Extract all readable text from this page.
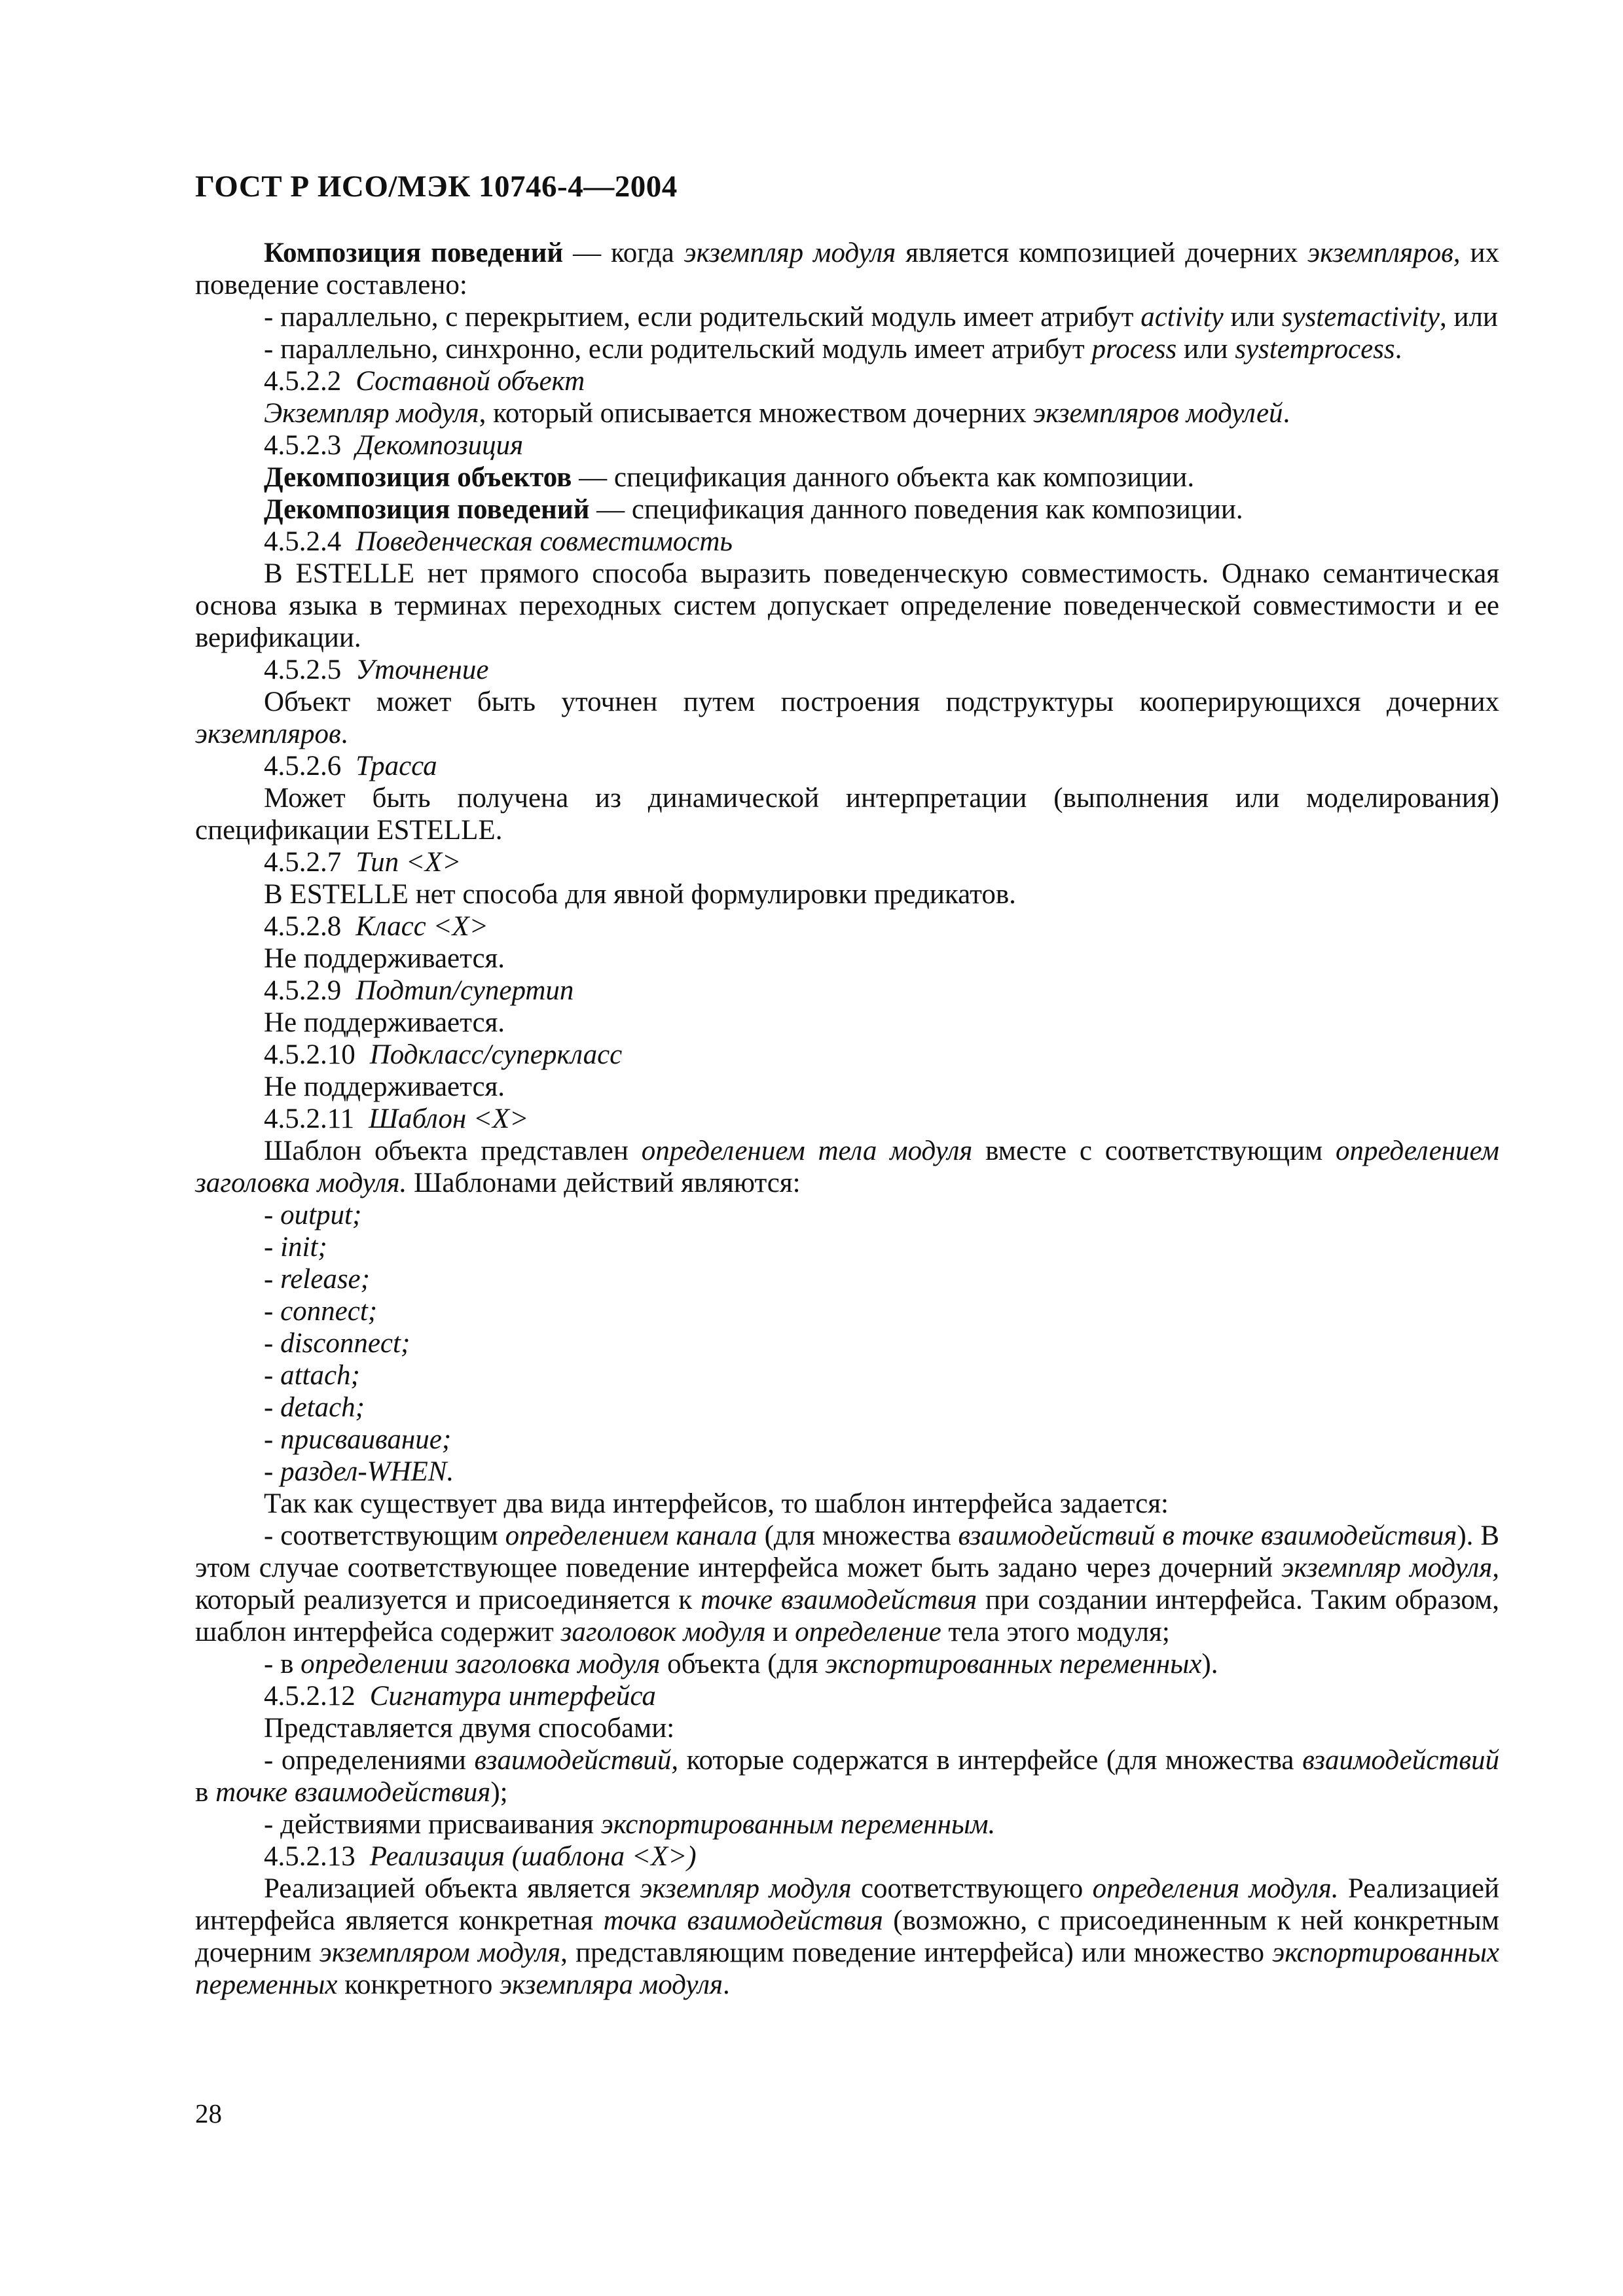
ГОСТ Р ИСО/МЭК 10746-4—2004

Композиция поведений — когда экземпляр модуля является композицией дочерних экземпляров, их поведение составлено:

- параллельно, с перекрытием, если родительский модуль имеет атрибут activity или systemactivity, или

- параллельно, синхронно, если родительский модуль имеет атрибут process или systemprocess.

4.5.2.2 Составной объект

Экземпляр модуля, который описывается множеством дочерних экземпляров модулей.

4.5.2.3 Декомпозиция

Декомпозиция объектов — спецификация данного объекта как композиции.

Декомпозиция поведений — спецификация данного поведения как композиции.

4.5.2.4 Поведенческая совместимость

В ESTELLE нет прямого способа выразить поведенческую совместимость. Однако семантическая основа языка в терминах переходных систем допускает определение поведенческой совместимости и ее верификации.

4.5.2.5 Уточнение

Объект может быть уточнен путем построения подструктуры кооперирующихся дочерних экземпляров.

4.5.2.6 Трасса

Может быть получена из динамической интерпретации (выполнения или моделирования) спецификации ESTELLE.

4.5.2.7 Тип <X>

В ESTELLE нет способа для явной формулировки предикатов.

4.5.2.8 Класс <X>

Не поддерживается.

4.5.2.9 Подтип/супертип

Не поддерживается.

4.5.2.10 Подкласс/суперкласс

Не поддерживается.

4.5.2.11 Шаблон <X>

Шаблон объекта представлен определением тела модуля вместе с соответствующим определением заголовка модуля. Шаблонами действий являются:

- output;

- init;

- release;

- connect;

- disconnect;

- attach;

- detach;

- присваивание;

- раздел-WHEN.

Так как существует два вида интерфейсов, то шаблон интерфейса задается:

- соответствующим определением канала (для множества взаимодействий в точке взаимодействия). В этом случае соответствующее поведение интерфейса может быть задано через дочерний экземпляр модуля, который реализуется и присоединяется к точке взаимодействия при создании интерфейса. Таким образом, шаблон интерфейса содержит заголовок модуля и определение тела этого модуля;

- в определении заголовка модуля объекта (для экспортированных переменных).

4.5.2.12 Сигнатура интерфейса

Представляется двумя способами:

- определениями взаимодействий, которые содержатся в интерфейсе (для множества взаимодействий в точке взаимодействия);

- действиями присваивания экспортированным переменным.

4.5.2.13 Реализация (шаблона <X>)

Реализацией объекта является экземпляр модуля соответствующего определения модуля. Реализацией интерфейса является конкретная точка взаимодействия (возможно, с присоединенным к ней конкретным дочерним экземпляром модуля, представляющим поведение интерфейса) или множество экспортированных переменных конкретного экземпляра модуля.

28
